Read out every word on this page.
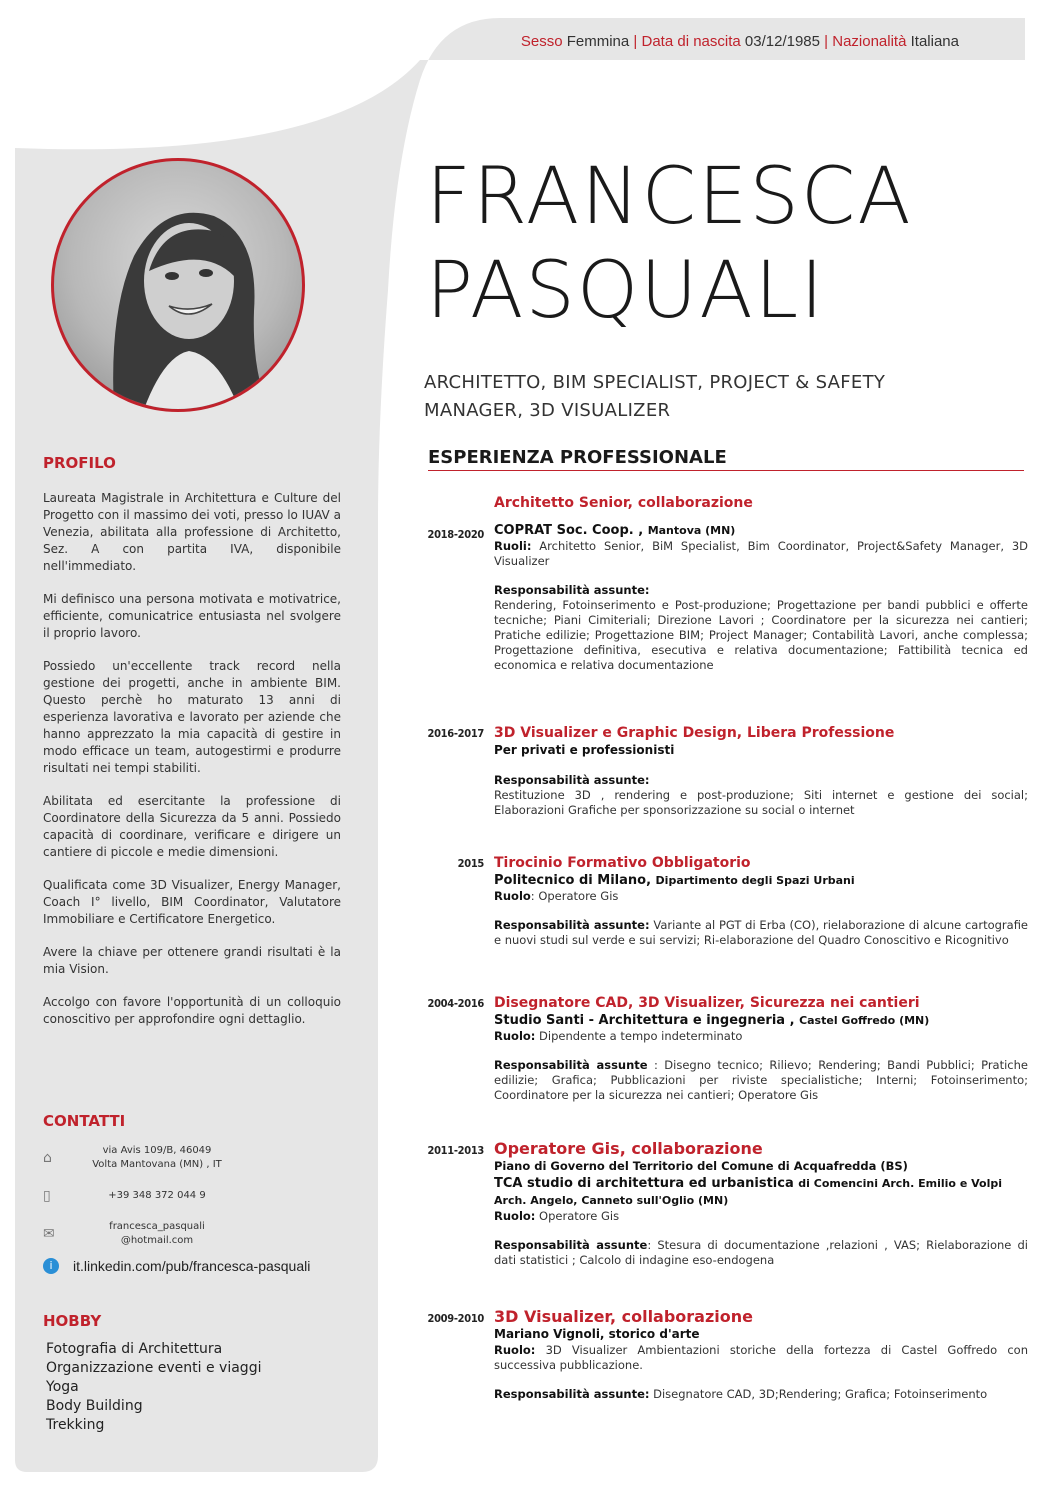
Sesso Femmina | Data di nascita 03/12/1985 | Nazionalità Italiana
FRANCESCA
PASQUALI
ARCHITETTO, BIM SPECIALIST, PROJECT & SAFETY
MANAGER, 3D VISUALIZER
ESPERIENZA PROFESSIONALE
PROFILO

Laureata Magistrale in Architettura e Culture del Progetto con il massimo dei voti, presso lo IUAV a Venezia, abilitata alla professione di Architetto, Sez. A con partita IVA, disponibile nell'immediato.

Mi definisco una persona motivata e motivatrice, efficiente, comunicatrice entusiasta nel svolgere il proprio lavoro.

Possiedo un'eccellente track record nella gestione dei progetti, anche in ambiente BIM. Questo perchè ho maturato 13 anni di esperienza lavorativa e lavorato per aziende che hanno apprezzato la mia capacità di gestire in modo efficace un team, autogestirmi e produrre risultati nei tempi stabiliti.

Abilitata ed esercitante la professione di Coordinatore della Sicurezza da 5 anni. Possiedo capacità di coordinare, verificare e dirigere un cantiere di piccole e medie dimensioni.

Qualificata come 3D Visualizer, Energy Manager, Coach I° livello, BIM Coordinator, Valutatore Immobiliare e Certificatore Energetico.

Avere la chiave per ottenere grandi risultati è la mia Vision.

Accolgo con favore l'opportunità di un colloquio conoscitivo per approfondire ogni dettaglio.

CONTATTI
⌂	via Avis 109/B, 46049
Volta Mantovana (MN) , IT
▯	+39 348 372 044 9
✉	francesca_pasquali
@hotmail.com
i	it.linkedin.com/pub/francesca-pasquali
HOBBY
Fotografia di Architettura
Organizzazione eventi e viaggi
Yoga
Body Building
Trekking
Architetto Senior, collaborazione
2018-2020 COPRAT Soc. Coop. , Mantova (MN)
Ruoli: Architetto Senior, BiM Specialist, Bim Coordinator, Project&Safety Manager, 3D Visualizer
Responsabilità assunte:
Rendering, Fotoinserimento e Post-produzione; Progettazione per bandi pubblici e offerte tecniche; Piani Cimiteriali; Direzione Lavori ; Coordinatore per la sicurezza nei cantieri; Pratiche edilizie; Progettazione BIM; Project Manager; Contabilità Lavori, anche complessa; Progettazione definitiva, esecutiva e relativa documentazione; Fattibilità tecnica ed economica e relativa documentazione
2016-2017 3D Visualizer e Graphic Design, Libera Professione
Per privati e professionisti
Responsabilità assunte:
Restituzione 3D , rendering e post-produzione; Siti internet e gestione dei social; Elaborazioni Grafiche per sponsorizzazione su social o internet
2015 Tirocinio Formativo Obbligatorio
Politecnico di Milano, Dipartimento degli Spazi Urbani
Ruolo: Operatore Gis
Responsabilità assunte: Variante al PGT di Erba (CO), rielaborazione di alcune cartografie e nuovi studi sul verde e sui servizi; Ri-elaborazione del Quadro Conoscitivo e Ricognitivo
2004-2016 Disegnatore CAD, 3D Visualizer, Sicurezza nei cantieri
Studio Santi - Architettura e ingegneria , Castel Goffredo (MN)
Ruolo: Dipendente a tempo indeterminato
Responsabilità assunte : Disegno tecnico; Rilievo; Rendering; Bandi Pubblici; Pratiche edilizie; Grafica; Pubblicazioni per riviste specialistiche; Interni; Fotoinserimento; Coordinatore per la sicurezza nei cantieri; Operatore Gis
2011-2013 Operatore Gis, collaborazione
Piano di Governo del Territorio del Comune di Acquafredda (BS)
TCA studio di architettura ed urbanistica di Comencini Arch. Emilio e Volpi Arch. Angelo, Canneto sull'Oglio (MN)
Ruolo: Operatore Gis
Responsabilità assunte: Stesura di documentazione ,relazioni , VAS; Rielaborazione di dati statistici ; Calcolo di indagine eso-endogena
2009-2010 3D Visualizer, collaborazione
Mariano Vignoli, storico d'arte
Ruolo: 3D Visualizer Ambientazioni storiche della fortezza di Castel Goffredo con successiva pubblicazione.
Responsabilità assunte: Disegnatore CAD, 3D;Rendering; Grafica; Fotoinserimento
